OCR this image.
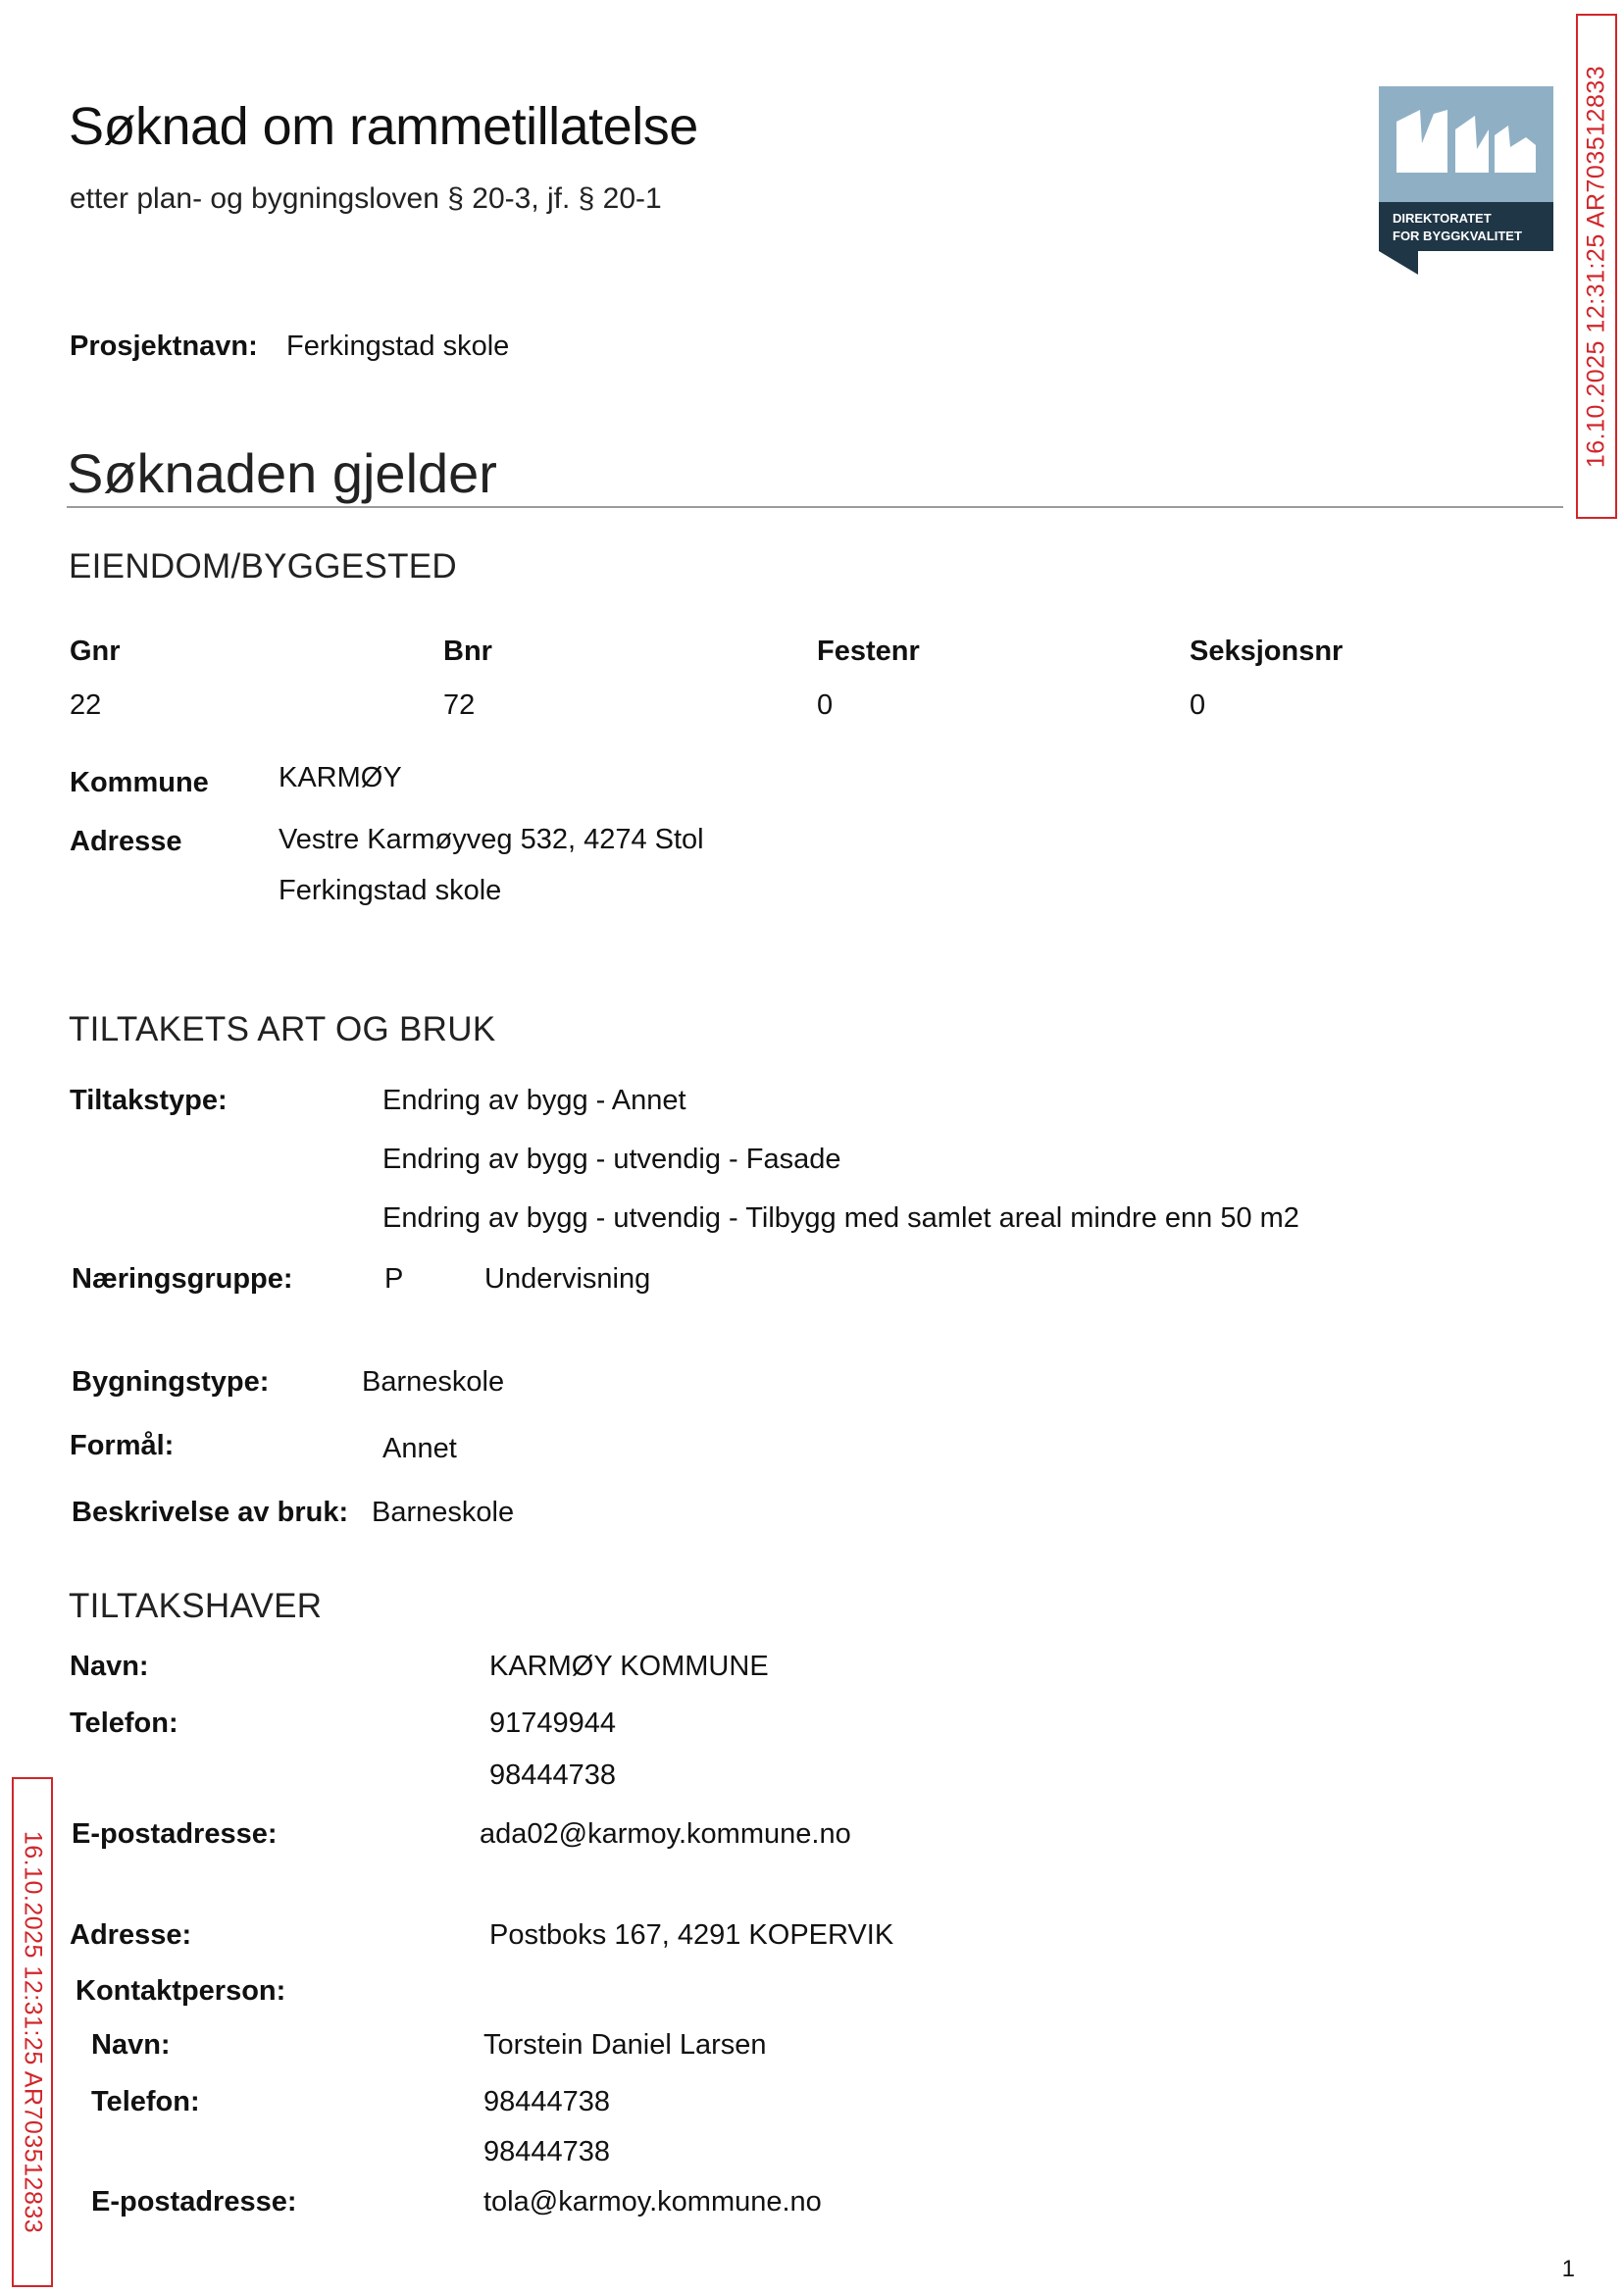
Søknad om rammetillatelse
etter plan- og bygningsloven § 20-3, jf. § 20-1
DIREKTORATET
FOR BYGGKVALITET
Prosjektnavn: Ferkingstad skole
Søknaden gjelder
EIENDOM/BYGGESTED
Gnr	Bnr	Festenr	Seksjonsnr
22	72	0	0
Kommune KARMØY
Adresse	Vestre Karmøyveg 532, 4274 Stol
Ferkingstad skole
TILTAKETS ART OG BRUK
Tiltakstype:	Endring av bygg - Annet
Endring av bygg - utvendig - Fasade
Endring av bygg - utvendig - Tilbygg med samlet areal mindre enn 50 m2
Næringsgruppe:	P	Undervisning
Bygningstype:	Barneskole
Formål:	Annet
Beskrivelse av bruk: Barneskole
TILTAKSHAVER
Navn:	KARMØY KOMMUNE
Telefon:	91749944
98444738
E-postadresse:	ada02@karmoy.kommune.no
Adresse:	Postboks 167, 4291 KOPERVIK
Kontaktperson:
Navn:	Torstein Daniel Larsen
Telefon:	98444738
98444738
E-postadresse:	tola@karmoy.kommune.no
16.10.2025 12:31:25 AR703512833
16.10.2025 12:31:25 AR703512833
1
